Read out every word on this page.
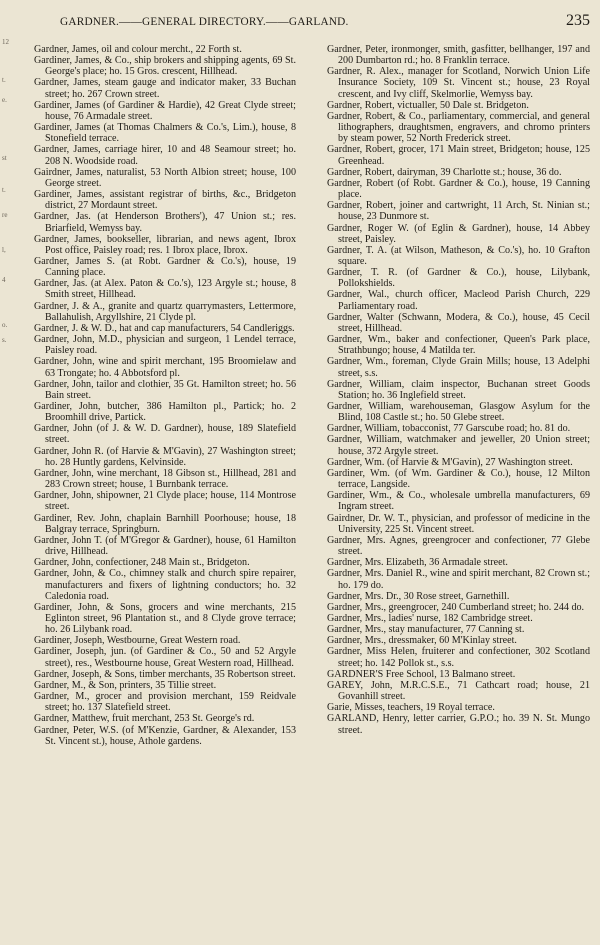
12
t.
e.
st
t.
re
l,
4
o.
s.
GARDNER.——GENERAL DIRECTORY.——GARLAND.	235

Gardner, James, oil and colour mercht., 22 Forth st.

Gardiner, James, & Co., ship brokers and shipping agents, 69 St. George's place; ho. 15 Gros. crescent, Hillhead.

Gardner, James, steam gauge and indicator maker, 33 Buchan street; ho. 267 Crown street.

Gardiner, James (of Gardiner & Hardie), 42 Great Clyde street; house, 76 Armadale street.

Gardiner, James (at Thomas Chalmers & Co.'s, Lim.), house, 8 Stonefield terrace.

Gardner, James, carriage hirer, 10 and 48 Seamour street; ho. 208 N. Woodside road.

Gairdner, James, naturalist, 53 North Albion street; house, 100 George street.

Gardiner, James, assistant registrar of births, &c., Bridgeton district, 27 Mordaunt street.

Gardner, Jas. (at Henderson Brothers'), 47 Union st.; res. Briarfield, Wemyss bay.

Gardner, James, bookseller, librarian, and news agent, Ibrox Post office, Paisley road; res. 1 Ibrox place, Ibrox.

Gardner, James S. (at Robt. Gardner & Co.'s), house, 19 Canning place.

Gardner, Jas. (at Alex. Paton & Co.'s), 123 Argyle st.; house, 8 Smith street, Hillhead.

Gardner, J. & A., granite and quartz quarrymasters, Lettermore, Ballahulish, Argyllshire, 21 Clyde pl.

Gardner, J. & W. D., hat and cap manufacturers, 54 Candleriggs.

Gardner, John, M.D., physician and surgeon, 1 Lendel terrace, Paisley road.

Gardner, John, wine and spirit merchant, 195 Broomielaw and 63 Trongate; ho. 4 Abbotsford pl.

Gardner, John, tailor and clothier, 35 Gt. Hamilton street; ho. 56 Bain street.

Gardiner, John, butcher, 386 Hamilton pl., Partick; ho. 2 Broomhill drive, Partick.

Gardner, John (of J. & W. D. Gardner), house, 189 Slatefield street.

Gardner, John R. (of Harvie & M'Gavin), 27 Washington street; ho. 28 Huntly gardens, Kelvinside.

Gardner, John, wine merchant, 18 Gibson st., Hillhead, 281 and 283 Crown street; house, 1 Burnbank terrace.

Gardner, John, shipowner, 21 Clyde place; house, 114 Montrose street.

Gardiner, Rev. John, chaplain Barnhill Poorhouse; house, 18 Balgray terrace, Springburn.

Gardner, John T. (of M'Gregor & Gardner), house, 61 Hamilton drive, Hillhead.

Gardner, John, confectioner, 248 Main st., Bridgeton.

Gardner, John, & Co., chimney stalk and church spire repairer, manufacturers and fixers of lightning conductors; ho. 32 Caledonia road.

Gardiner, John, & Sons, grocers and wine merchants, 215 Eglinton street, 96 Plantation st., and 8 Clyde grove terrace; ho. 26 Lilybank road.

Gardiner, Joseph, Westbourne, Great Western road.

Gardiner, Joseph, jun. (of Gardiner & Co., 50 and 52 Argyle street), res., Westbourne house, Great Western road, Hillhead.

Gardner, Joseph, & Sons, timber merchants, 35 Robertson street.

Gardner, M., & Son, printers, 35 Tillie street.

Gardner, M., grocer and provision merchant, 159 Reidvale street; ho. 137 Slatefield street.

Gardner, Matthew, fruit merchant, 253 St. George's rd.

Gardner, Peter, W.S. (of M'Kenzie, Gardner, & Alexander, 153 St. Vincent st.), house, Athole gardens.

Gardner, Peter, ironmonger, smith, gasfitter, bellhanger, 197 and 200 Dumbarton rd.; ho. 8 Franklin terrace.

Gardner, R. Alex., manager for Scotland, Norwich Union Life Insurance Society, 109 St. Vincent st.; house, 23 Royal crescent, and Ivy cliff, Skelmorlie, Wemyss bay.

Gardner, Robert, victualler, 50 Dale st. Bridgeton.

Gardner, Robert, & Co., parliamentary, commercial, and general lithographers, draughtsmen, engravers, and chromo printers by steam power, 52 North Frederick street.

Gardner, Robert, grocer, 171 Main street, Bridgeton; house, 125 Greenhead.

Gardner, Robert, dairyman, 39 Charlotte st.; house, 36 do.

Gardner, Robert (of Robt. Gardner & Co.), house, 19 Canning place.

Gardner, Robert, joiner and cartwright, 11 Arch, St. Ninian st.; house, 23 Dunmore st.

Gardner, Roger W. (of Eglin & Gardner), house, 14 Abbey street, Paisley.

Gardner, T. A. (at Wilson, Matheson, & Co.'s), ho. 10 Grafton square.

Gardner, T. R. (of Gardner & Co.), house, Lilybank, Pollokshields.

Gardner, Wal., church officer, Macleod Parish Church, 229 Parliamentary road.

Gardner, Walter (Schwann, Modera, & Co.), house, 45 Cecil street, Hillhead.

Gardner, Wm., baker and confectioner, Queen's Park place, Strathbungo; house, 4 Matilda ter.

Gardner, Wm., foreman, Clyde Grain Mills; house, 13 Adelphi street, s.s.

Gardner, William, claim inspector, Buchanan street Goods Station; ho. 36 Inglefield street.

Gardner, William, warehouseman, Glasgow Asylum for the Blind, 108 Castle st.; ho. 50 Glebe street.

Gardner, William, tobacconist, 77 Garscube road; ho. 81 do.

Gardner, William, watchmaker and jeweller, 20 Union street; house, 372 Argyle street.

Gardner, Wm. (of Harvie & M'Gavin), 27 Washington street.

Gardiner, Wm. (of Wm. Gardiner & Co.), house, 12 Milton terrace, Langside.

Gardiner, Wm., & Co., wholesale umbrella manufacturers, 69 Ingram street.

Gairdner, Dr. W. T., physician, and professor of medicine in the University, 225 St. Vincent street.

Gardner, Mrs. Agnes, greengrocer and confectioner, 77 Glebe street.

Gardner, Mrs. Elizabeth, 36 Armadale street.

Gardner, Mrs. Daniel R., wine and spirit merchant, 82 Crown st.; ho. 179 do.

Gardner, Mrs. Dr., 30 Rose street, Garnethill.

Gardner, Mrs., greengrocer, 240 Cumberland street; ho. 244 do.

Gardner, Mrs., ladies' nurse, 182 Cambridge street.

Gardner, Mrs., stay manufacturer, 77 Canning st.

Gardner, Mrs., dressmaker, 60 M'Kinlay street.

Gardner, Miss Helen, fruiterer and confectioner, 302 Scotland street; ho. 142 Pollok st., s.s.

GARDNER'S Free School, 13 Balmano street.

GAREY, John, M.R.C.S.E., 71 Cathcart road; house, 21 Govanhill street.

Garie, Misses, teachers, 19 Royal terrace.

GARLAND, Henry, letter carrier, G.P.O.; ho. 39 N. St. Mungo street.
